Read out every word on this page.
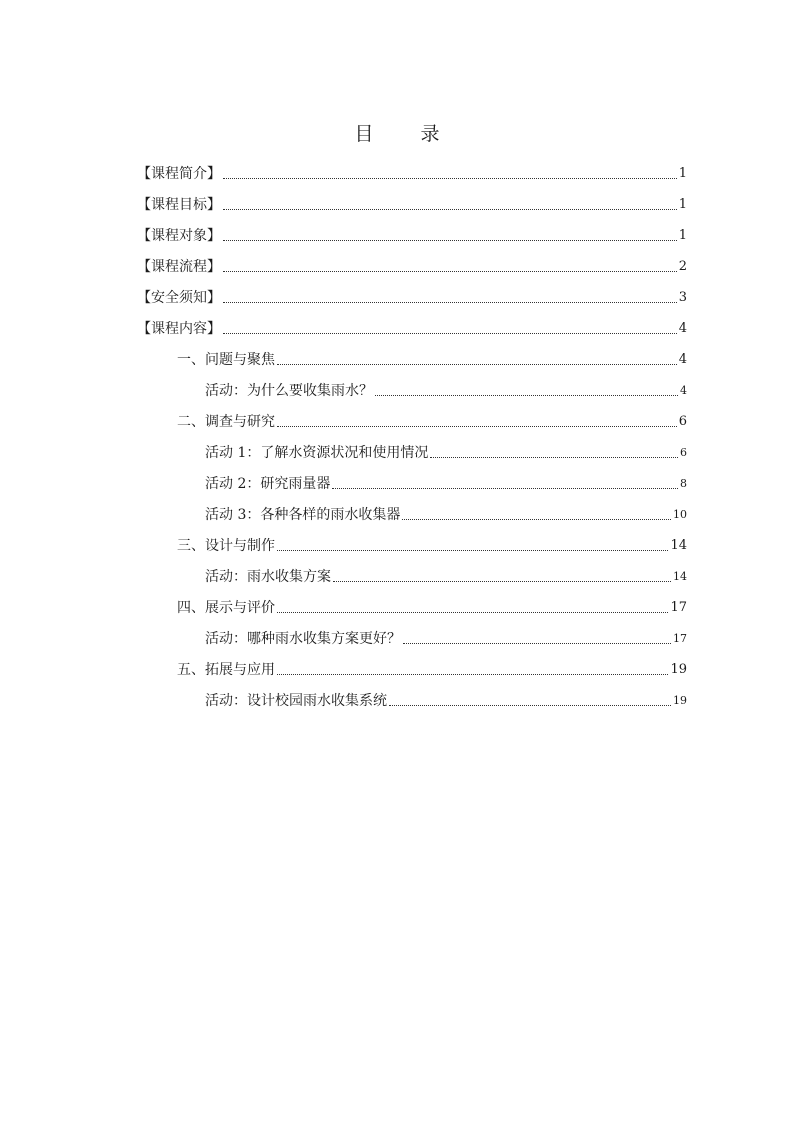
目　录
【课程简介】	1
【课程目标】	1
【课程对象】	1
【课程流程】	2
【安全须知】	3
【课程内容】	4
一、问题与聚焦	4
活动：为什么要收集雨水？	4
二、调查与研究	6
活动 1：了解水资源状况和使用情况	6
活动 2：研究雨量器	8
活动 3：各种各样的雨水收集器	10
三、设计与制作	14
活动：雨水收集方案	14
四、展示与评价	17
活动：哪种雨水收集方案更好？	17
五、拓展与应用	19
活动：设计校园雨水收集系统	19
